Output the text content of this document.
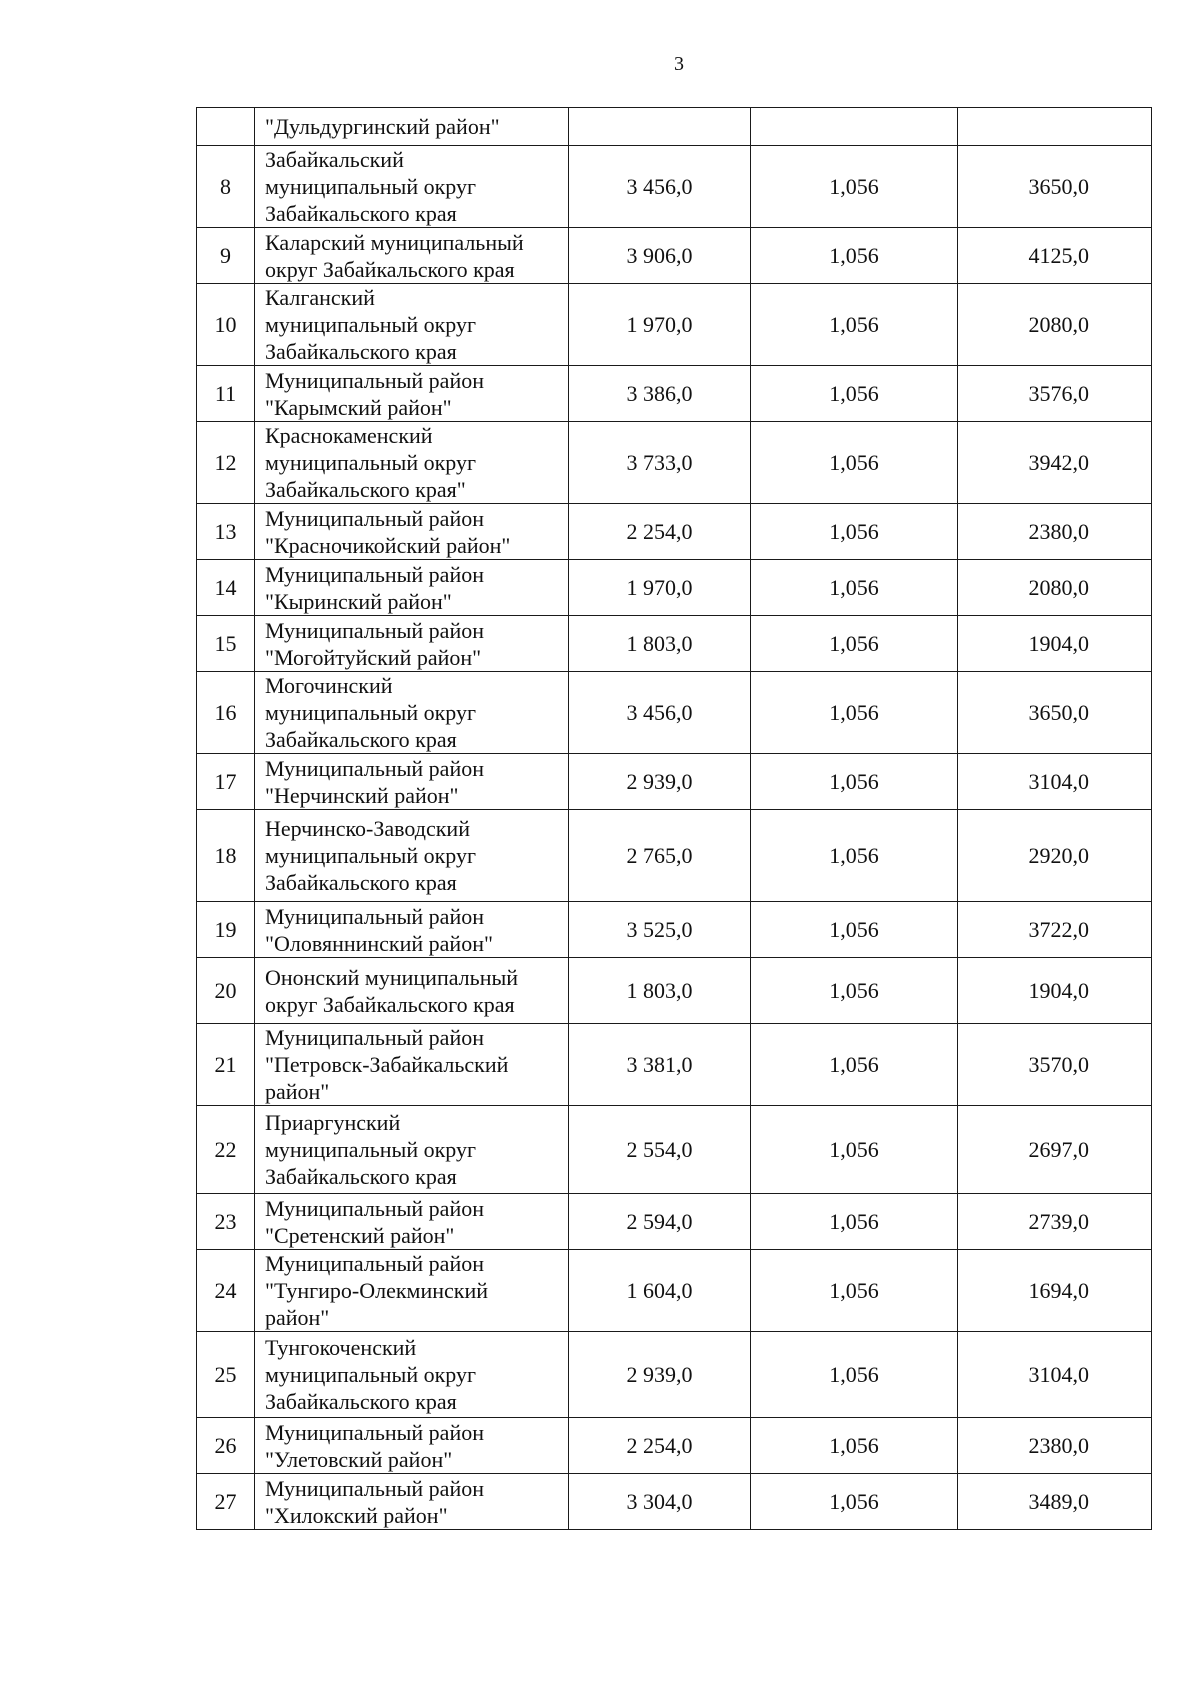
3

	"Дульдургинский район"			

8	Забайкальский
муниципальный округ
Забайкальского края	3 456,0	1,056	3650,0
9	Каларский муниципальный
округ Забайкальского края	3 906,0	1,056	4125,0
10	Калганский
муниципальный округ
Забайкальского края	1 970,0	1,056	2080,0
11	Муниципальный район
"Карымский район"	3 386,0	1,056	3576,0
12	Краснокаменский
муниципальный округ
Забайкальского края"	3 733,0	1,056	3942,0
13	Муниципальный район
"Красночикойский район"	2 254,0	1,056	2380,0
14	Муниципальный район
"Кыринский район"	1 970,0	1,056	2080,0
15	Муниципальный район
"Могойтуйский район"	1 803,0	1,056	1904,0
16	Могочинский
муниципальный округ
Забайкальского края	3 456,0	1,056	3650,0
17	Муниципальный район
"Нерчинский район"	2 939,0	1,056	3104,0
18	Нерчинско-Заводский
муниципальный округ
Забайкальского края	2 765,0	1,056	2920,0
19	Муниципальный район
"Оловяннинский район"	3 525,0	1,056	3722,0
20	Ононский муниципальный
округ Забайкальского края	1 803,0	1,056	1904,0
21	Муниципальный район
"Петровск-Забайкальский
район"	3 381,0	1,056	3570,0
22	Приаргунский
муниципальный округ
Забайкальского края	2 554,0	1,056	2697,0
23	Муниципальный район
"Сретенский район"	2 594,0	1,056	2739,0
24	Муниципальный район
"Тунгиро-Олекминский
район"	1 604,0	1,056	1694,0
25	Тунгокоченский
муниципальный округ
Забайкальского края	2 939,0	1,056	3104,0
26	Муниципальный район
"Улетовский район"	2 254,0	1,056	2380,0
27	Муниципальный район
"Хилокский район"	3 304,0	1,056	3489,0
